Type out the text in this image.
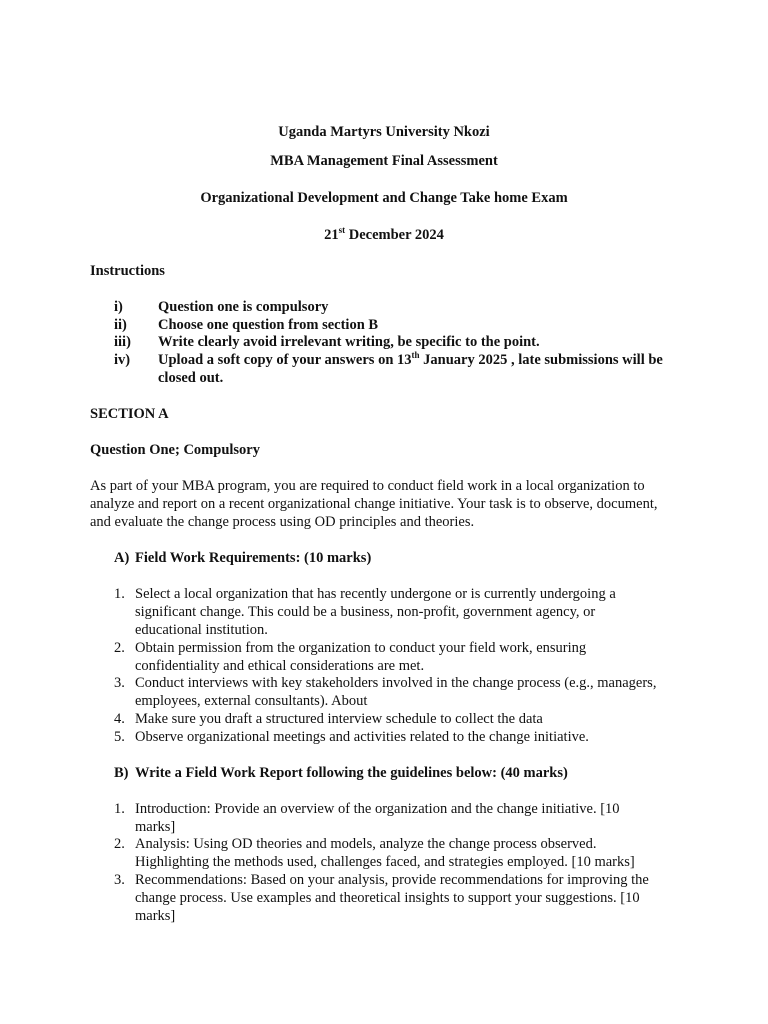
Uganda Martyrs University Nkozi
MBA Management Final Assessment
Organizational Development and Change Take home Exam
21st December 2024
Instructions
i) Question one is compulsory
ii) Choose one question from section B
iii) Write clearly avoid irrelevant writing, be specific to the point.
iv) Upload a soft copy of your answers on 13th January 2025 , late submissions will be closed out.
SECTION A
Question One; Compulsory
As part of your MBA program, you are required to conduct field work in a local organization to analyze and report on a recent organizational change initiative. Your task is to observe, document, and evaluate the change process using OD principles and theories.
A) Field Work Requirements: (10 marks)
1. Select a local organization that has recently undergone or is currently undergoing a significant change. This could be a business, non-profit, government agency, or educational institution.
2. Obtain permission from the organization to conduct your field work, ensuring confidentiality and ethical considerations are met.
3. Conduct interviews with key stakeholders involved in the change process (e.g., managers, employees, external consultants). About
4. Make sure you draft a structured interview schedule to collect the data
5. Observe organizational meetings and activities related to the change initiative.
B) Write a Field Work Report following the guidelines below: (40 marks)
1. Introduction: Provide an overview of the organization and the change initiative. [10 marks]
2. Analysis: Using OD theories and models, analyze the change process observed. Highlighting the methods used, challenges faced, and strategies employed. [10 marks]
3. Recommendations: Based on your analysis, provide recommendations for improving the change process. Use examples and theoretical insights to support your suggestions. [10 marks]
